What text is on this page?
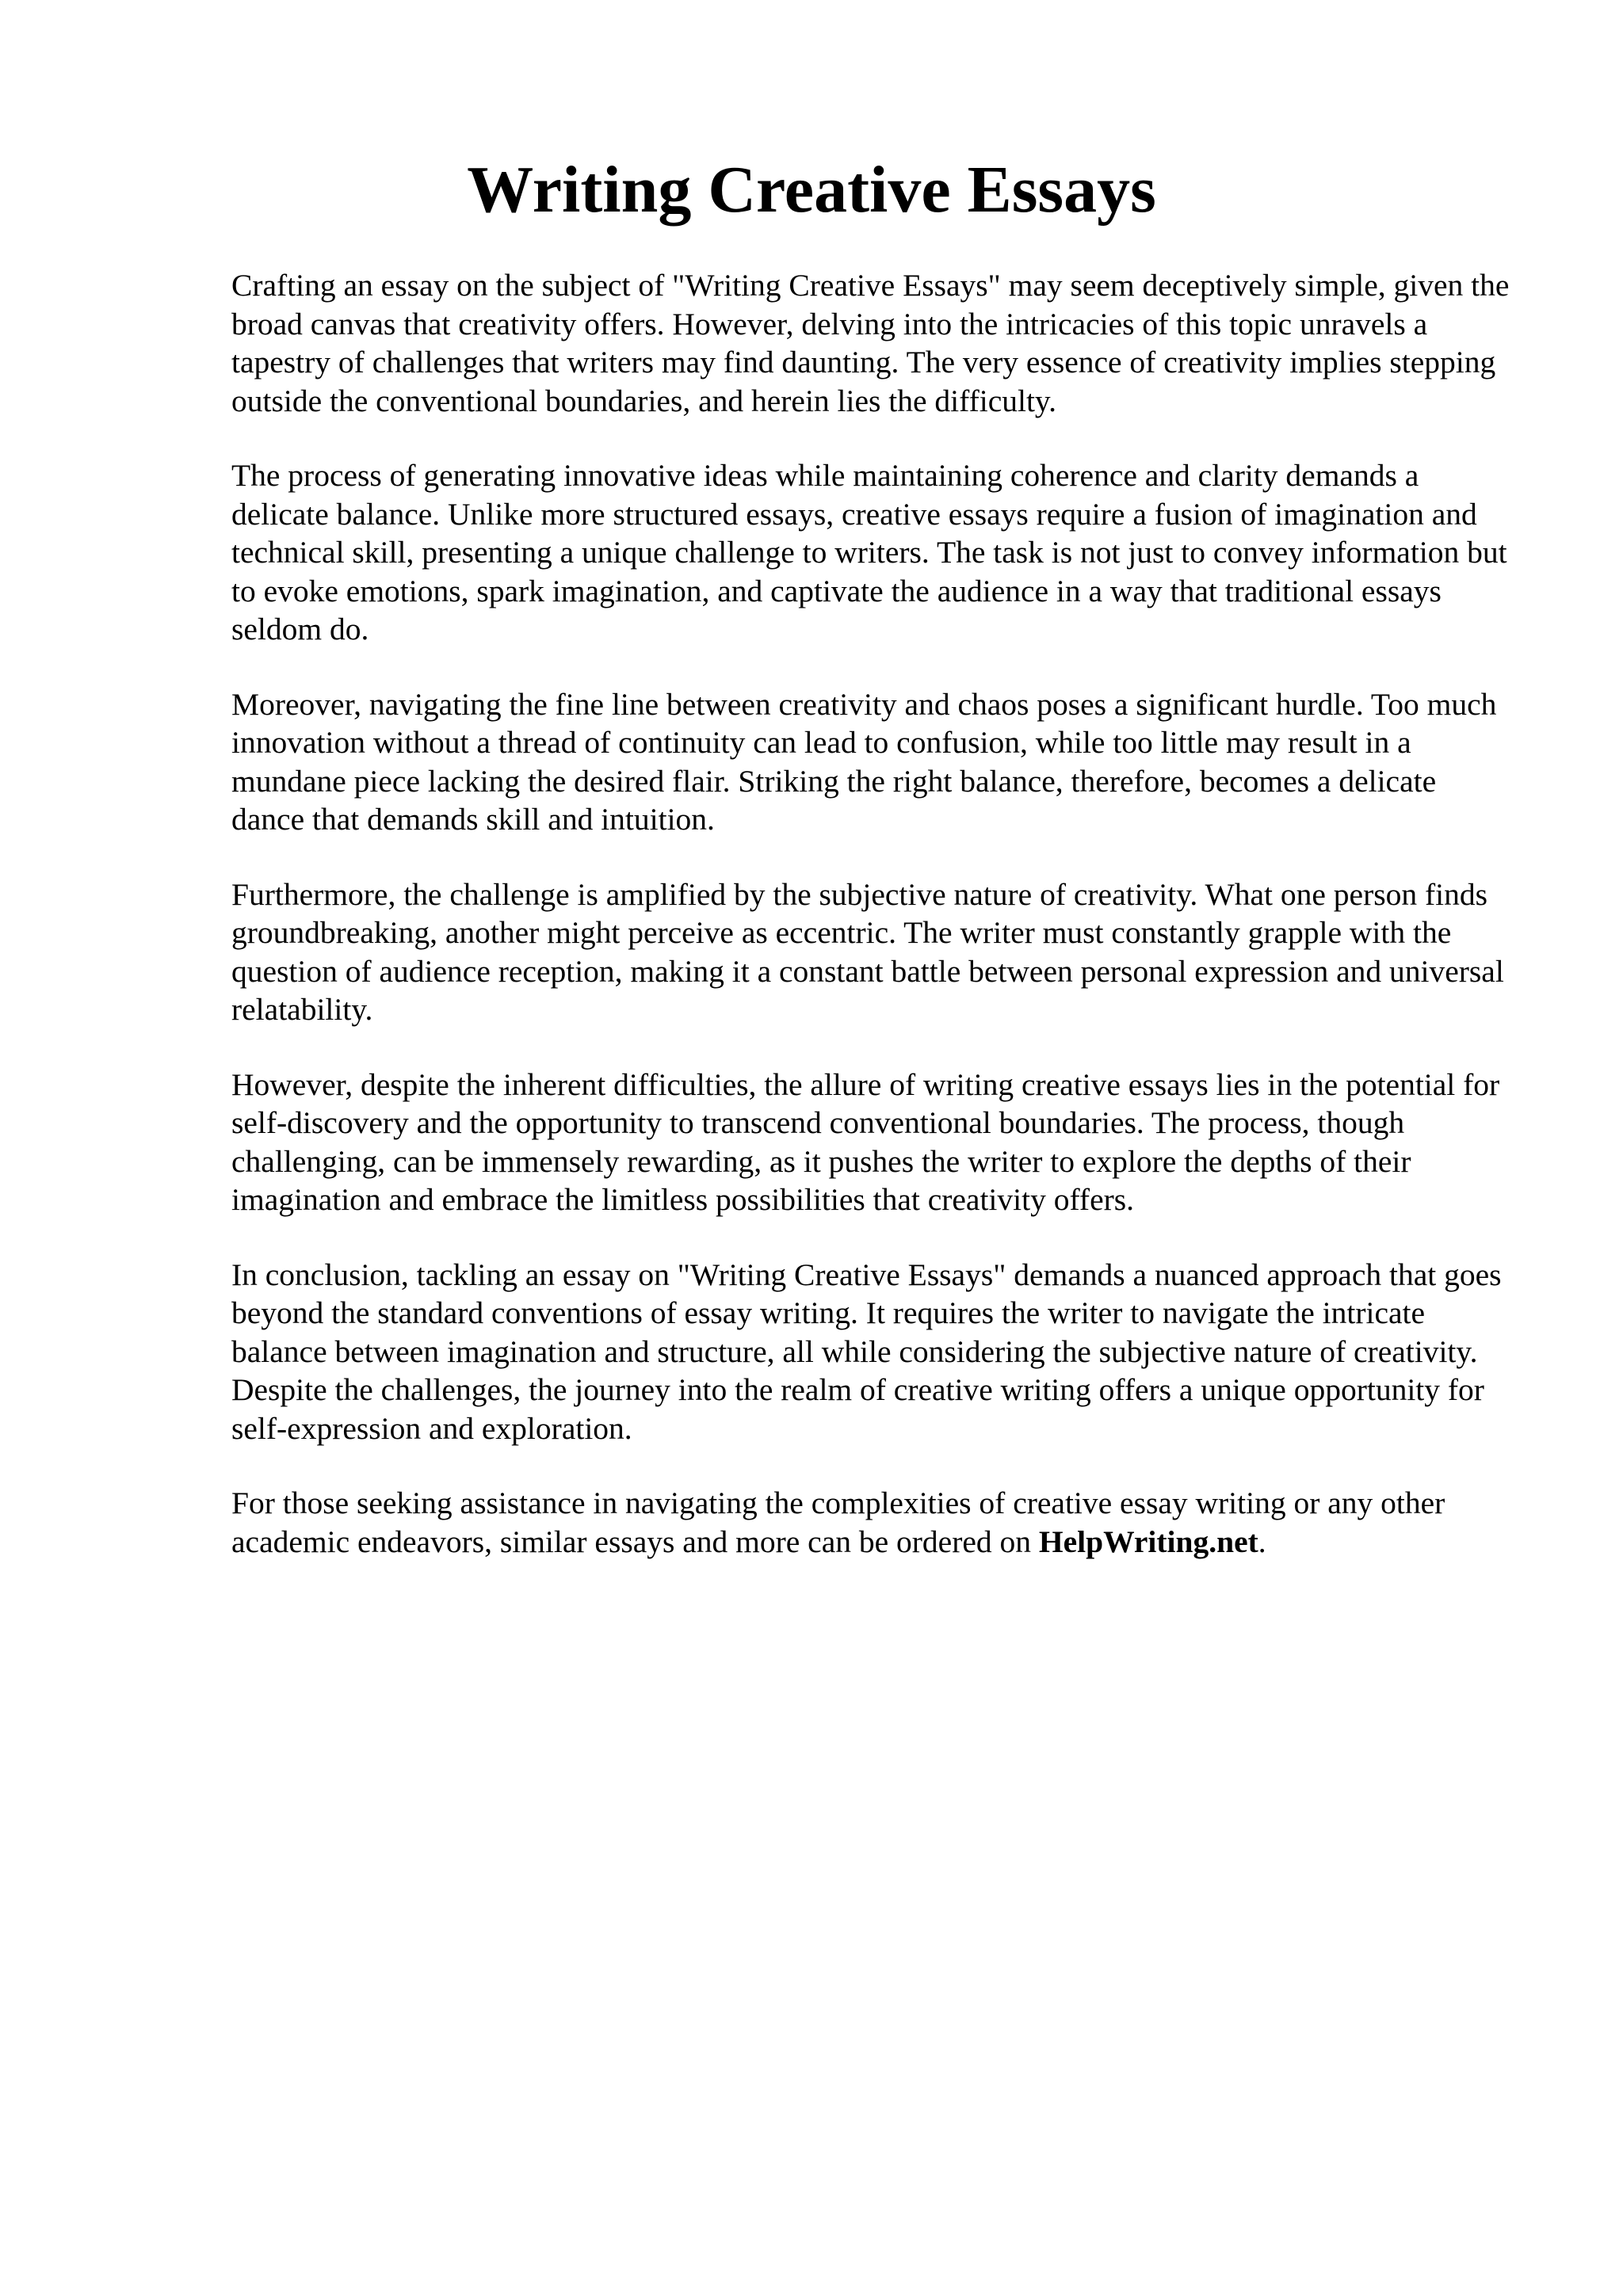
Writing Creative Essays

Crafting an essay on the subject of "Writing Creative Essays" may seem deceptively simple, given the broad canvas that creativity offers. However, delving into the intricacies of this topic unravels a tapestry of challenges that writers may find daunting. The very essence of creativity implies stepping outside the conventional boundaries, and herein lies the difficulty.

The process of generating innovative ideas while maintaining coherence and clarity demands a delicate balance. Unlike more structured essays, creative essays require a fusion of imagination and technical skill, presenting a unique challenge to writers. The task is not just to convey information but to evoke emotions, spark imagination, and captivate the audience in a way that traditional essays seldom do.

Moreover, navigating the fine line between creativity and chaos poses a significant hurdle. Too much innovation without a thread of continuity can lead to confusion, while too little may result in a mundane piece lacking the desired flair. Striking the right balance, therefore, becomes a delicate dance that demands skill and intuition.

Furthermore, the challenge is amplified by the subjective nature of creativity. What one person finds groundbreaking, another might perceive as eccentric. The writer must constantly grapple with the question of audience reception, making it a constant battle between personal expression and universal relatability.

However, despite the inherent difficulties, the allure of writing creative essays lies in the potential for self-discovery and the opportunity to transcend conventional boundaries. The process, though challenging, can be immensely rewarding, as it pushes the writer to explore the depths of their imagination and embrace the limitless possibilities that creativity offers.

In conclusion, tackling an essay on "Writing Creative Essays" demands a nuanced approach that goes beyond the standard conventions of essay writing. It requires the writer to navigate the intricate balance between imagination and structure, all while considering the subjective nature of creativity. Despite the challenges, the journey into the realm of creative writing offers a unique opportunity for self-expression and exploration.

For those seeking assistance in navigating the complexities of creative essay writing or any other academic endeavors, similar essays and more can be ordered on HelpWriting.net.
